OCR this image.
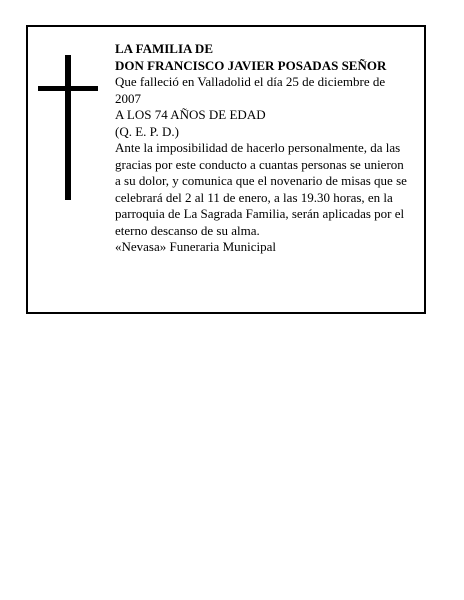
LA FAMILIA DE

DON FRANCISCO JAVIER POSADAS SEÑOR

Que falleció en Valladolid el día 25 de diciembre de 2007

A LOS 74 AÑOS DE EDAD

(Q. E. P. D.)

Ante la imposibilidad de hacerlo personalmente, da las gracias por este conducto a cuantas personas se unieron a su dolor, y comunica que el novenario de misas que se celebrará del 2 al 11 de enero, a las 19.30 horas, en la parroquia de La Sagrada Familia, serán aplicadas por el eterno descanso de su alma.

«Nevasa» Funeraria Municipal
